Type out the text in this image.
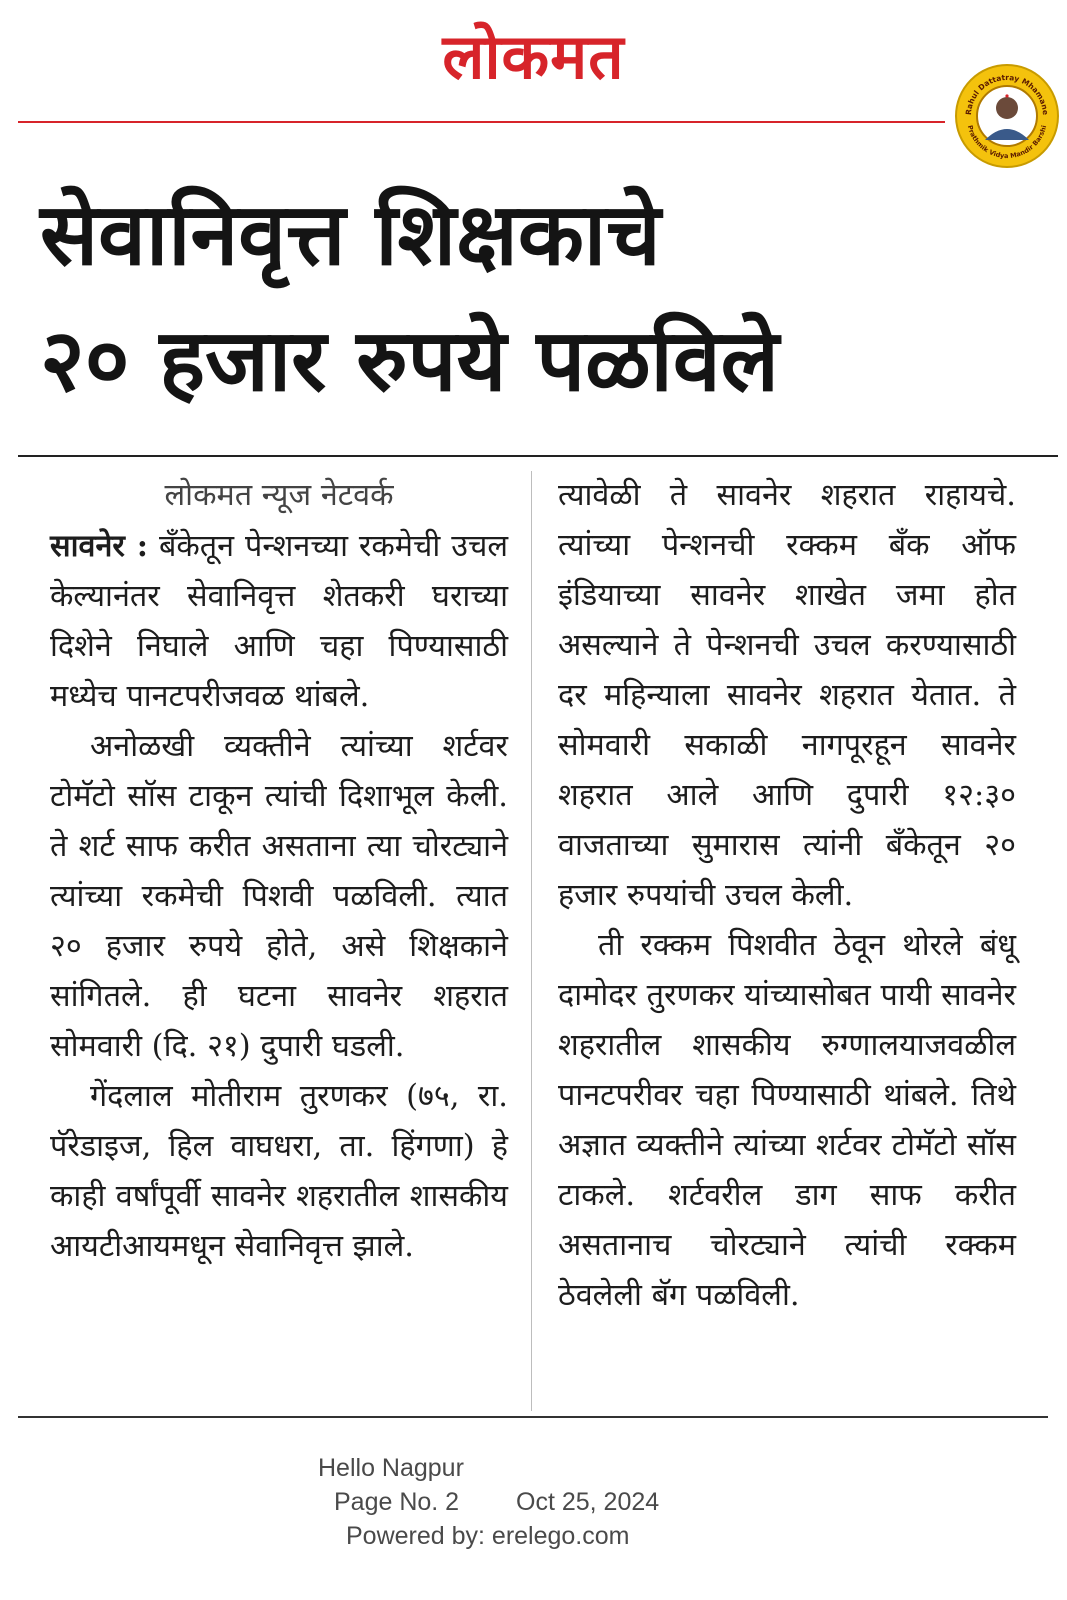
लोकमत
Rahul Dattatray Mhamane
Prathmik Vidya Mandir Barshi
सेवानिवृत्त शिक्षकाचे
२० हजार रुपये पळविले

लोकमत न्यूज नेटवर्क

सावनेर : बँकेतून पेन्शनच्या रकमेची उचल केल्यानंतर सेवानिवृत्त शेतकरी घराच्या दिशेने निघाले आणि चहा पिण्यासाठी मध्येच पानटपरीजवळ थांबले.

अनोळखी व्यक्तीने त्यांच्या शर्टवर टोमॅटो सॉस टाकून त्यांची दिशाभूल केली. ते शर्ट साफ करीत असताना त्या चोरट्याने त्यांच्या रकमेची पिशवी पळविली. त्यात २० हजार रुपये होते, असे शिक्षकाने सांगितले. ही घटना सावनेर शहरात सोमवारी (दि. २१) दुपारी घडली.

गेंदलाल मोतीराम तुरणकर (७५, रा. पॅरेडाइज, हिल वाघधरा, ता. हिंगणा) हे काही वर्षांपूर्वी सावनेर शहरातील शासकीय आयटीआयमधून सेवानिवृत्त झाले.

त्यावेळी ते सावनेर शहरात राहायचे. त्यांच्या पेन्शनची रक्कम बँक ऑफ इंडियाच्या सावनेर शाखेत जमा होत असल्याने ते पेन्शनची उचल करण्यासाठी दर महिन्याला सावनेर शहरात येतात. ते सोमवारी सकाळी नागपूरहून सावनेर शहरात आले आणि दुपारी १२:३० वाजताच्या सुमारास त्यांनी बँकेतून २० हजार रुपयांची उचल केली.

ती रक्कम पिशवीत ठेवून थोरले बंधू दामोदर तुरणकर यांच्यासोबत पायी सावनेर शहरातील शासकीय रुग्णालयाजवळील पानटपरीवर चहा पिण्यासाठी थांबले. तिथे अज्ञात व्यक्तीने त्यांच्या शर्टवर टोमॅटो सॉस टाकले. शर्टवरील डाग साफ करीत असतानाच चोरट्याने त्यांची रक्कम ठेवलेली बॅग पळविली.

Hello Nagpur
Page No. 2 Oct 25, 2024
Powered by: erelego.com
